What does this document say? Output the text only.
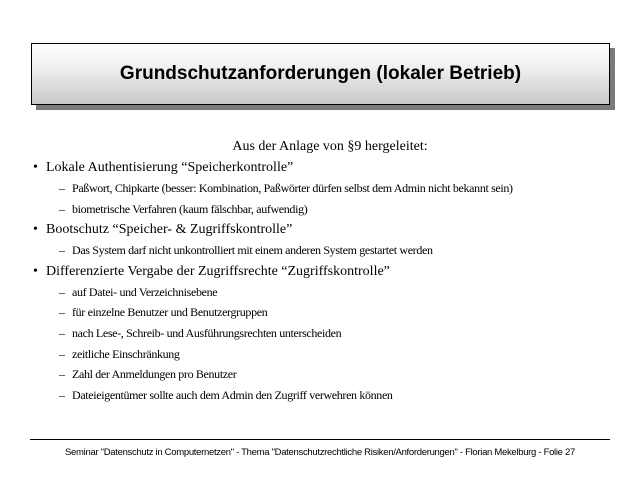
Grundschutzanforderungen (lokaler Betrieb)
Aus der Anlage von §9 hergeleitet:
• Lokale Authentisierung “Speicherkontrolle”
– Paßwort, Chipkarte (besser: Kombination, Paßwörter dürfen selbst dem Admin nicht bekannt sein)
– biometrische Verfahren (kaum fälschbar, aufwendig)
• Bootschutz “Speicher- & Zugriffskontrolle”
– Das System darf nicht unkontrolliert mit einem anderen System gestartet werden
• Differenzierte Vergabe der Zugriffsrechte “Zugriffskontrolle”
– auf Datei- und Verzeichnisebene
– für einzelne Benutzer und Benutzergruppen
– nach Lese-, Schreib- und Ausführungsrechten unterscheiden
– zeitliche Einschränkung
– Zahl der Anmeldungen pro Benutzer
– Dateieigentümer sollte auch dem Admin den Zugriff verwehren können
Seminar "Datenschutz in Computernetzen" - Thema "Datenschutzrechtliche Risiken/Anforderungen" - Florian Mekelburg - Folie 27
